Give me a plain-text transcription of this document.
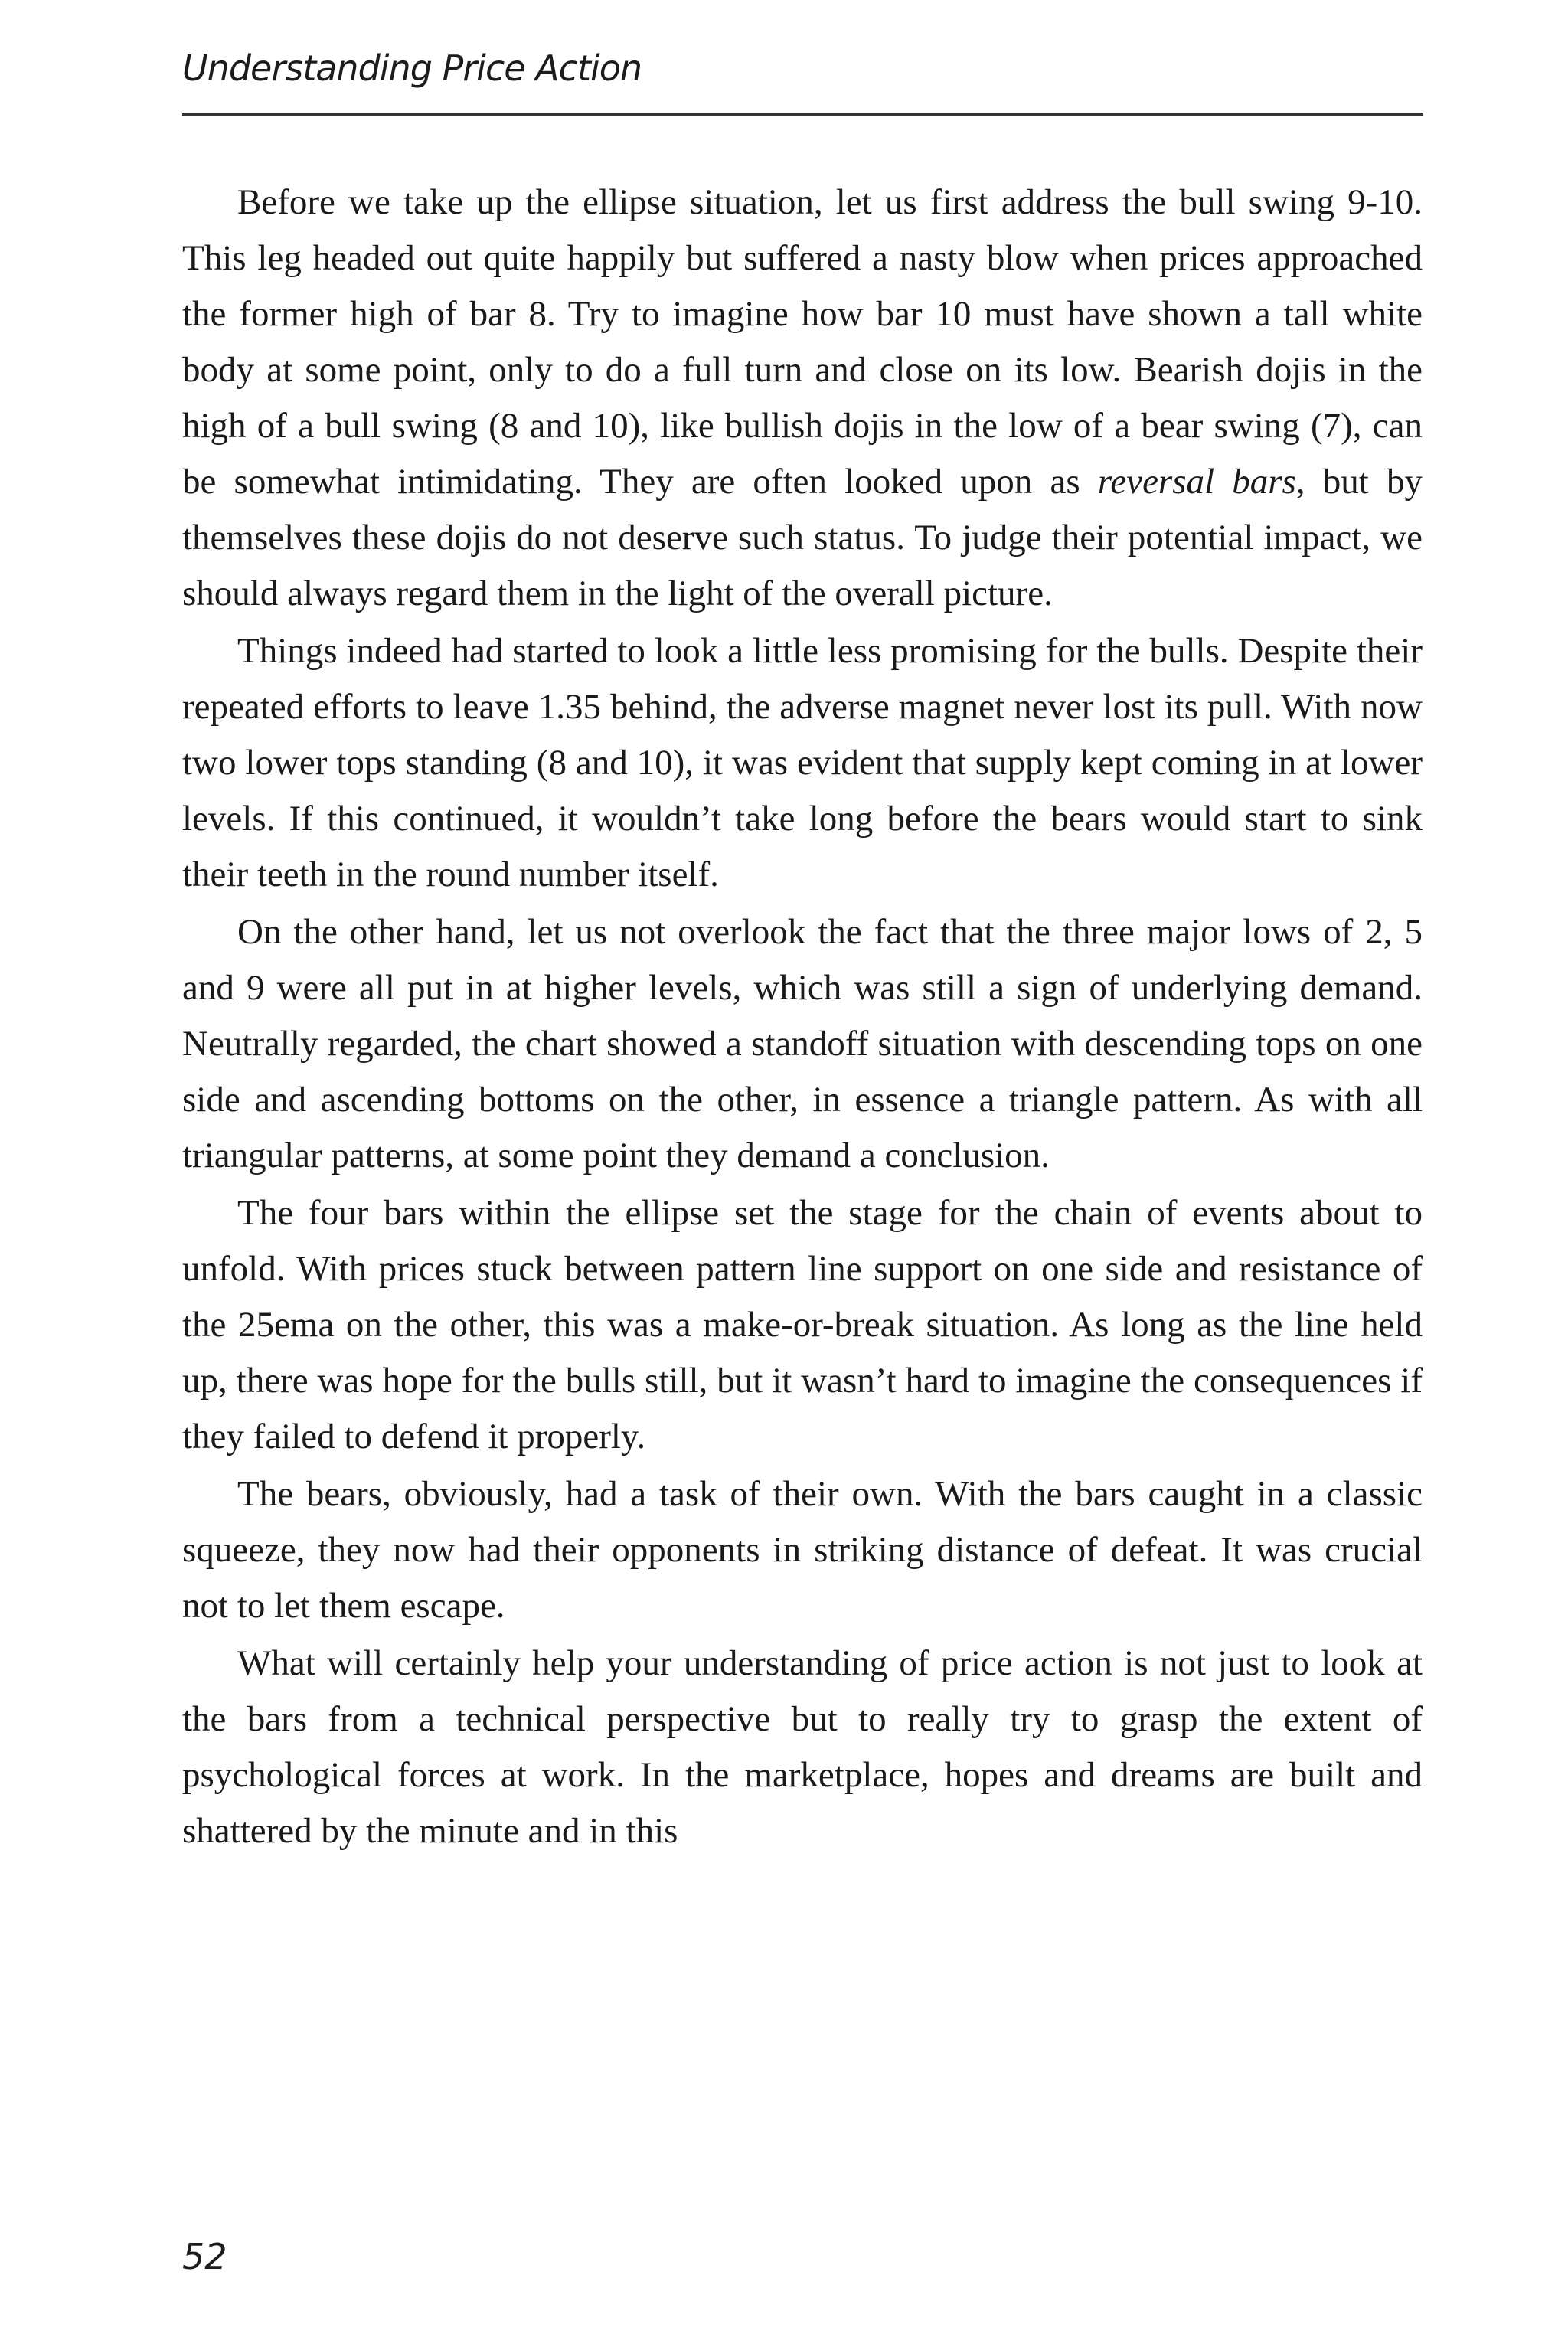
Understanding Price Action

Before we take up the ellipse situation, let us first address the bull swing 9-10. This leg headed out quite happily but suffered a nasty blow when prices approached the former high of bar 8. Try to imagine how bar 10 must have shown a tall white body at some point, only to do a full turn and close on its low. Bearish dojis in the high of a bull swing (8 and 10), like bullish dojis in the low of a bear swing (7), can be somewhat intimidating. They are often looked upon as reversal bars, but by themselves these dojis do not deserve such status. To judge their potential impact, we should always regard them in the light of the overall picture.

Things indeed had started to look a little less promising for the bulls. Despite their repeated efforts to leave 1.35 behind, the adverse magnet never lost its pull. With now two lower tops standing (8 and 10), it was evident that supply kept coming in at lower levels. If this continued, it wouldn’t take long before the bears would start to sink their teeth in the round number itself.

On the other hand, let us not overlook the fact that the three major lows of 2, 5 and 9 were all put in at higher levels, which was still a sign of underlying demand. Neutrally regarded, the chart showed a standoff situation with descending tops on one side and ascending bottoms on the other, in essence a triangle pattern. As with all triangular patterns, at some point they demand a conclusion.

The four bars within the ellipse set the stage for the chain of events about to unfold. With prices stuck between pattern line support on one side and resistance of the 25ema on the other, this was a make-or-break situation. As long as the line held up, there was hope for the bulls still, but it wasn’t hard to imagine the consequences if they failed to defend it properly.

The bears, obviously, had a task of their own. With the bars caught in a classic squeeze, they now had their opponents in striking distance of defeat. It was crucial not to let them escape.

What will certainly help your understanding of price action is not just to look at the bars from a technical perspective but to really try to grasp the extent of psychological forces at work. In the marketplace, hopes and dreams are built and shattered by the minute and in this

52
